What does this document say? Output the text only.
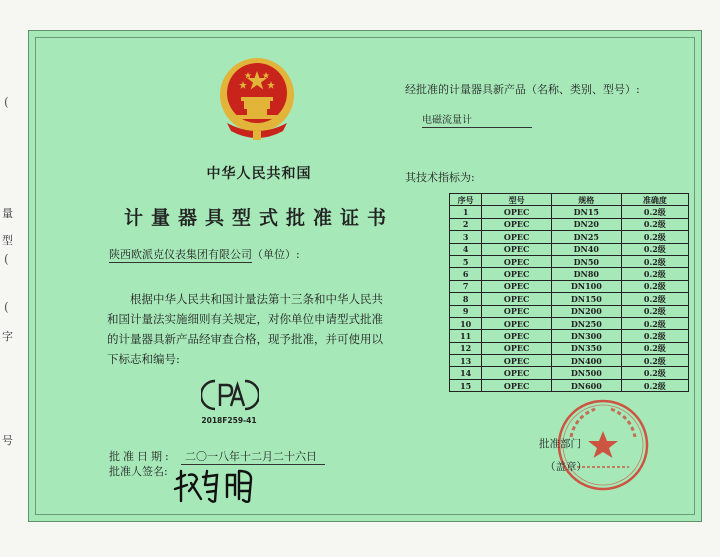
(
量
型
(
字
(
号
中华人民共和国
计量器具型式批准证书
陕西欧派克仪表集团有限公司（单位）:
根据中华人民共和国计量法第十三条和中华人民共和国计量法实施细则有关规定，对你单位申请型式批准的计量器具新产品经审查合格，现予批准，并可使用以下标志和编号:
2018F259-41
批准日期: 二〇一八年十二月二十六日
批准人签名:
经批准的计量器具新产品（名称、类别、型号）:
电磁流量计
其技术指标为:
序号	型号	规格	准确度
1	OPEC	DN15	0.2级
2	OPEC	DN20	0.2级
3	OPEC	DN25	0.2级
4	OPEC	DN40	0.2级
5	OPEC	DN50	0.2级
6	OPEC	DN80	0.2级
7	OPEC	DN100	0.2级
8	OPEC	DN150	0.2级
9	OPEC	DN200	0.2级
10	OPEC	DN250	0.2级
11	OPEC	DN300	0.2级
12	OPEC	DN350	0.2级
13	OPEC	DN400	0.2级
14	OPEC	DN500	0.2级
15	OPEC	DN600	0.2级
批准部门
（盖章）
